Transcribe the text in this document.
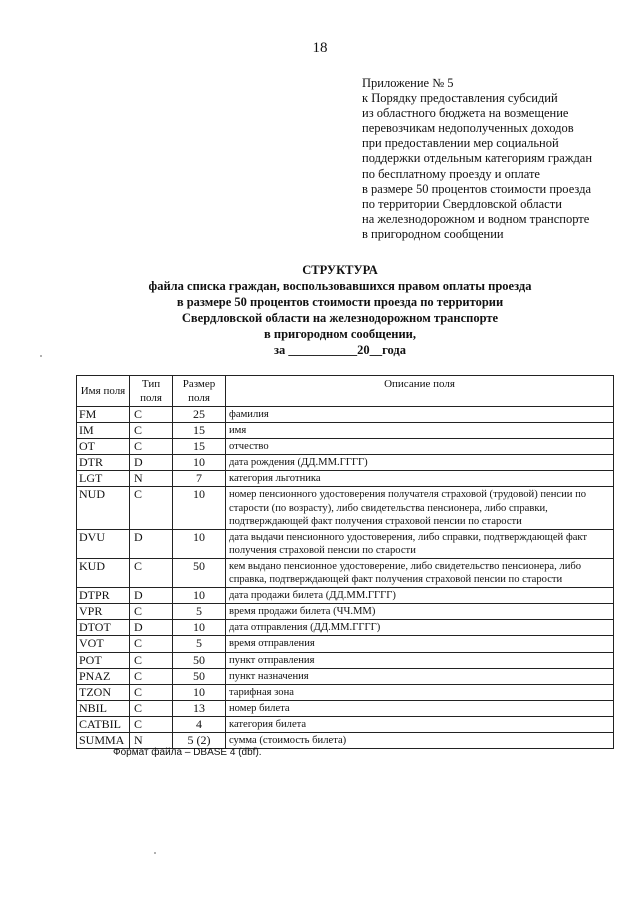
18
Приложение № 5
к Порядку предоставления субсидий
из областного бюджета на возмещение
перевозчикам недополученных доходов
при предоставлении мер социальной
поддержки отдельным категориям граждан
по бесплатному проезду и оплате
в размере 50 процентов стоимости проезда
по территории Свердловской области
на железнодорожном и водном транспорте
в пригородном сообщении
СТРУКТУРА
файла списка граждан, воспользовавшихся правом оплаты проезда
в размере 50 процентов стоимости проезда по территории
Свердловской области на железнодорожном транспорте
в пригородном сообщении,
за ___________20__года
Имя поля	Тип поля	Размер поля	Описание поля
FM	C	25	фамилия
IM	C	15	имя
OT	C	15	отчество
DTR	D	10	дата рождения (ДД.ММ.ГГГГ)
LGT	N	7	категория льготника
NUD	C	10	номер пенсионного удостоверения получателя страховой (трудовой) пенсии по старости (по возрасту), либо свидетельства пенсионера, либо справки, подтверждающей факт получения страховой пенсии по старости
DVU	D	10	дата выдачи пенсионного удостоверения, либо справки, подтверждающей факт получения страховой пенсии по старости
KUD	C	50	кем выдано пенсионное удостоверение, либо свидетельство пенсионера, либо справка, подтверждающей факт получения страховой пенсии по старости
DTPR	D	10	дата продажи билета (ДД.ММ.ГГГГ)
VPR	C	5	время продажи билета (ЧЧ.ММ)
DTOT	D	10	дата отправления (ДД.ММ.ГГГГ)
VOT	C	5	время отправления
POT	C	50	пункт отправления
PNAZ	C	50	пункт назначения
TZON	C	10	тарифная зона
NBIL	C	13	номер билета
CATBIL	C	4	категория билета
SUMMA	N	5 (2)	сумма (стоимость билета)
Формат файла – DBASE 4 (dbf).
